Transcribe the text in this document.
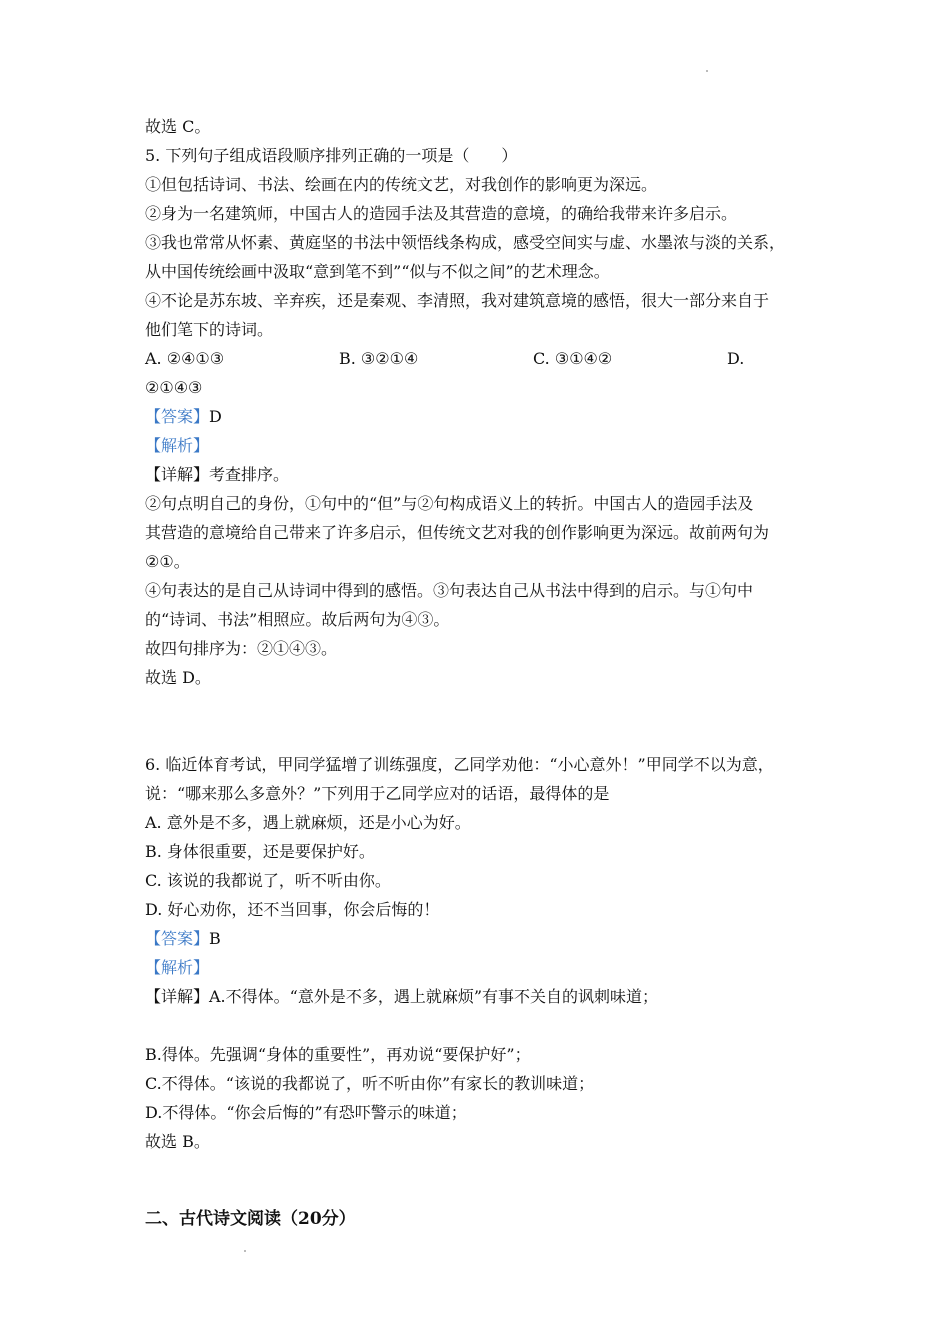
故选 C。
5. 下列句子组成语段顺序排列正确的一项是（　　）
①但包括诗词、书法、绘画在内的传统文艺，对我创作的影响更为深远。
②身为一名建筑师，中国古人的造园手法及其营造的意境，的确给我带来许多启示。
③我也常常从怀素、黄庭坚的书法中领悟线条构成，感受空间实与虚、水墨浓与淡的关系，
从中国传统绘画中汲取“意到笔不到”“似与不似之间”的艺术理念。
④不论是苏东坡、辛弃疾，还是秦观、李清照，我对建筑意境的感悟，很大一部分来自于
他们笔下的诗词。
A. ②④①③	B. ③②①④	C. ③①④②	D.
②①④③
【答案】D
【解析】
【详解】考查排序。
②句点明自己的身份，①句中的“但”与②句构成语义上的转折。中国古人的造园手法及
其营造的意境给自己带来了许多启示，但传统文艺对我的创作影响更为深远。故前两句为
②①。
④句表达的是自己从诗词中得到的感悟。③句表达自己从书法中得到的启示。与①句中
的“诗词、书法”相照应。故后两句为④③。
故四句排序为：②①④③。
故选 D。
6. 临近体育考试，甲同学猛增了训练强度，乙同学劝他：“小心意外！”甲同学不以为意，
说：“哪来那么多意外？”下列用于乙同学应对的话语，最得体的是
A. 意外是不多，遇上就麻烦，还是小心为好。
B. 身体很重要，还是要保护好。
C. 该说的我都说了，听不听由你。
D. 好心劝你，还不当回事，你会后悔的！
【答案】B
【解析】
【详解】A.不得体。“意外是不多，遇上就麻烦”有事不关自的讽刺味道；
B.得体。先强调“身体的重要性”，再劝说“要保护好”；
C.不得体。“该说的我都说了，听不听由你”有家长的教训味道；
D.不得体。“你会后悔的”有恐吓警示的味道；
故选 B。
二、古代诗文阅读（20分）
